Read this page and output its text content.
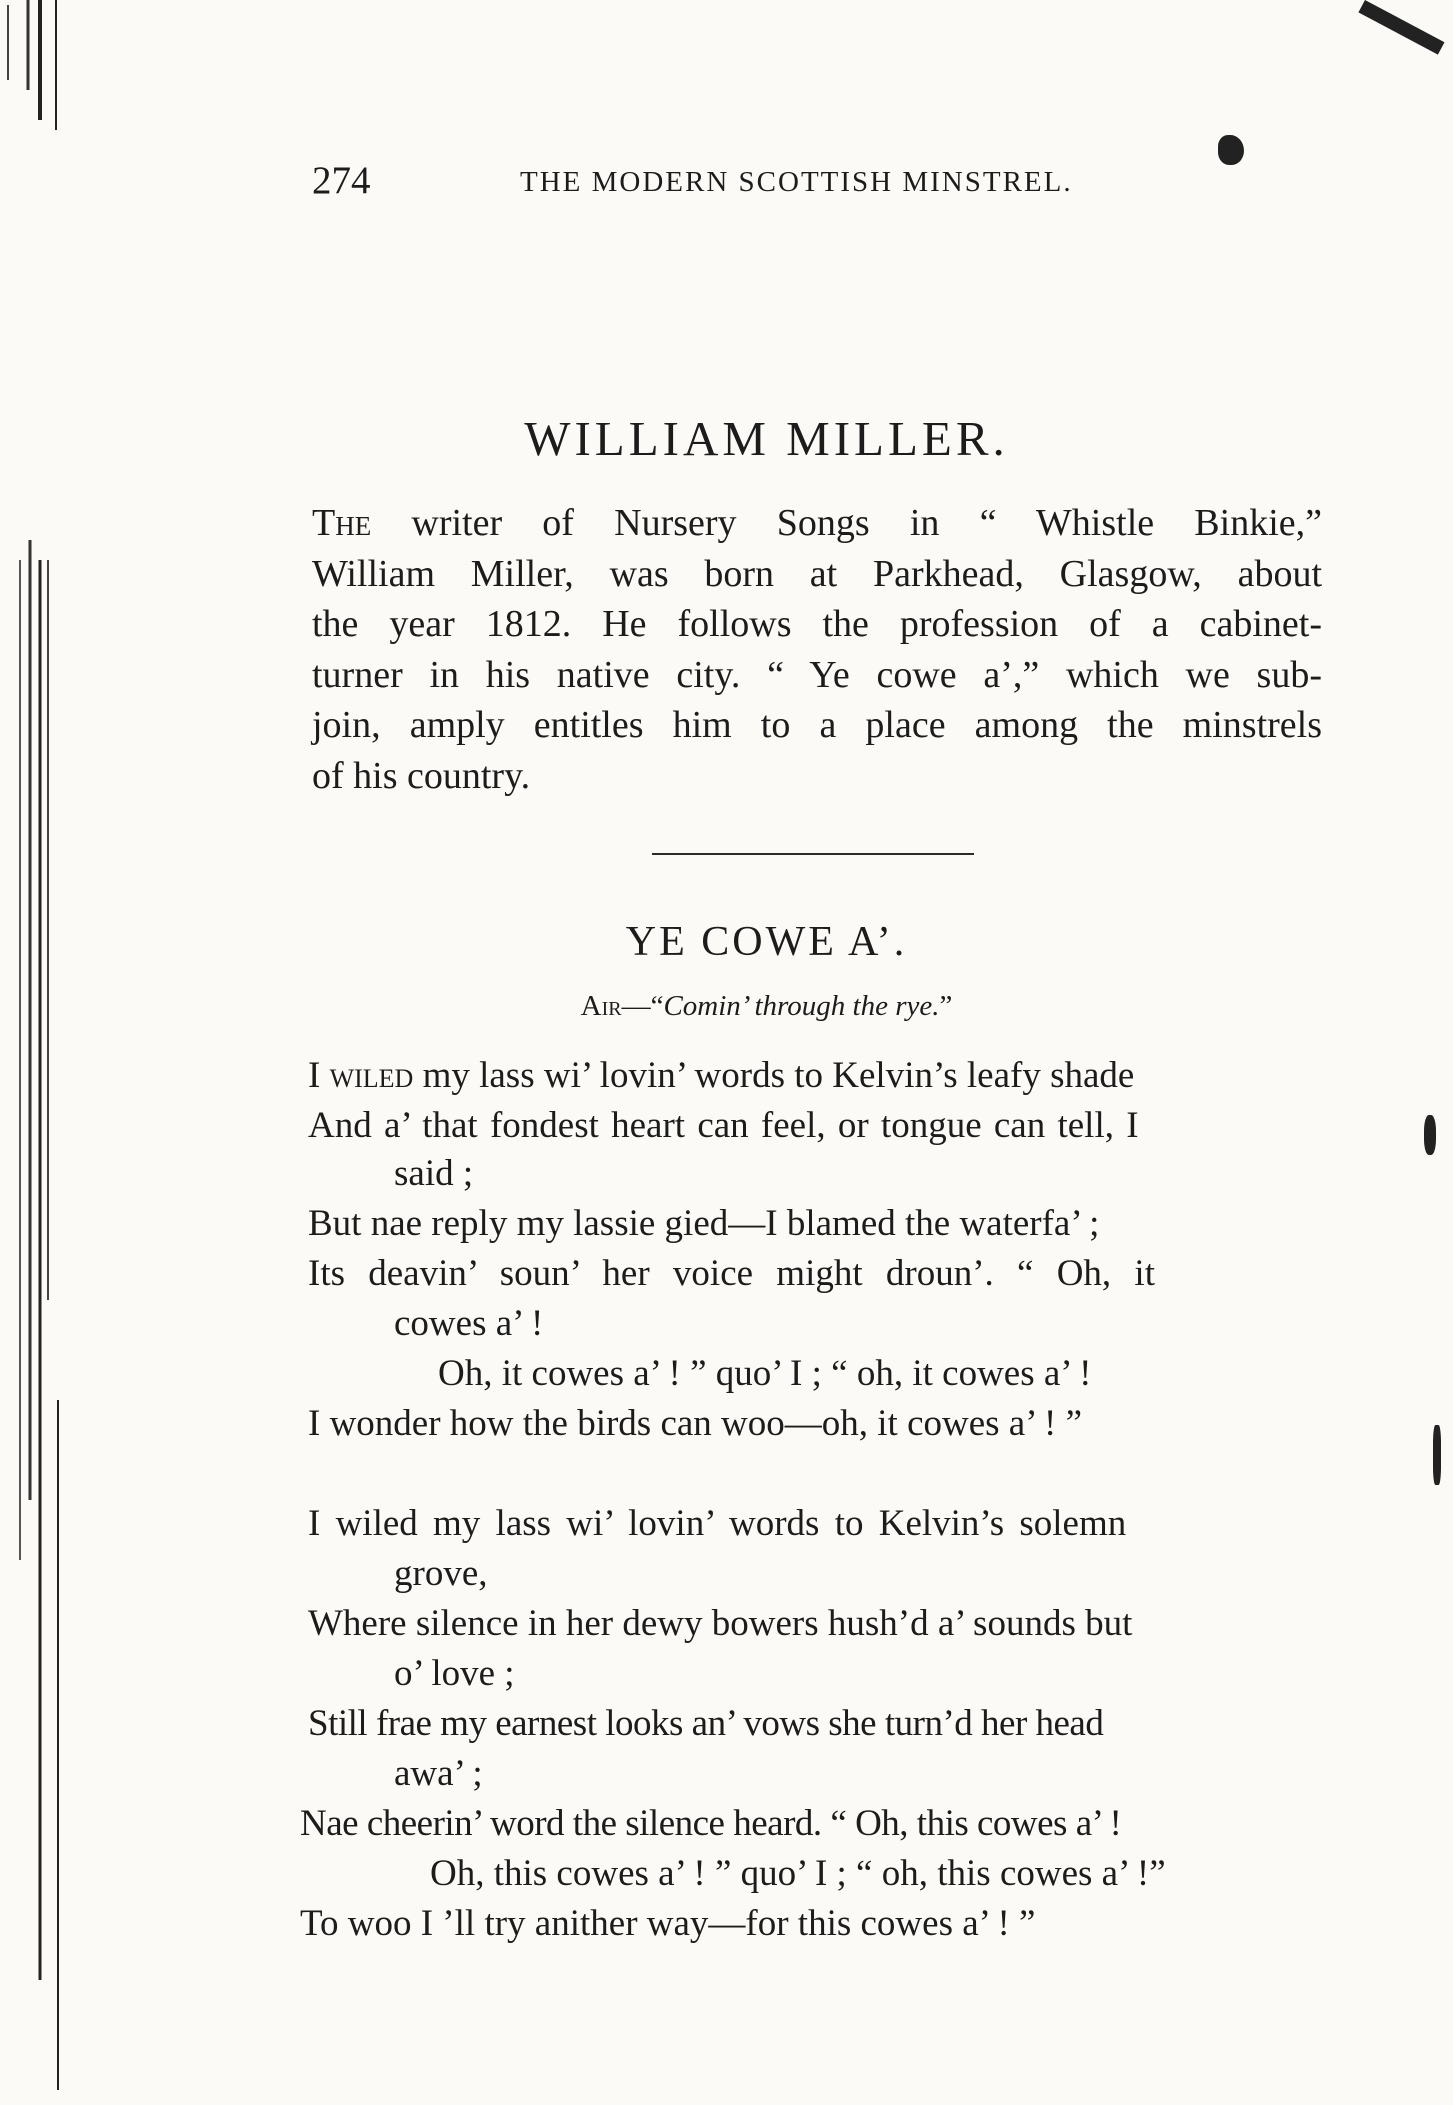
274	THE MODERN SCOTTISH MINSTREL.
WILLIAM MILLER.
The writer of Nursery Songs in “ Whistle Binkie,”
William Miller, was born at Parkhead, Glasgow, about
the year 1812. He follows the profession of a cabinet-
turner in his native city. “ Ye cowe a’,” which we sub-
join, amply entitles him to a place among the minstrels
of his country.
YE COWE A’.
Air—“Comin’ through the rye.”
I wiled my lass wi’ lovin’ words to Kelvin’s leafy shade
And a’ that fondest heart can feel, or tongue can tell, I
said ;
But nae reply my lassie gied—I blamed the waterfa’ ;
Its deavin’ soun’ her voice might droun’. “ Oh, it
cowes a’ !
Oh, it cowes a’ ! ” quo’ I ; “ oh, it cowes a’ !
I wonder how the birds can woo—oh, it cowes a’ ! ”
I wiled my lass wi’ lovin’ words to Kelvin’s solemn
grove,
Where silence in her dewy bowers hush’d a’ sounds but
o’ love ;
Still frae my earnest looks an’ vows she turn’d her head
awa’ ;
Nae cheerin’ word the silence heard. “ Oh, this cowes a’ !
Oh, this cowes a’ ! ” quo’ I ; “ oh, this cowes a’ !”
To woo I ’ll try anither way—for this cowes a’ ! ”
